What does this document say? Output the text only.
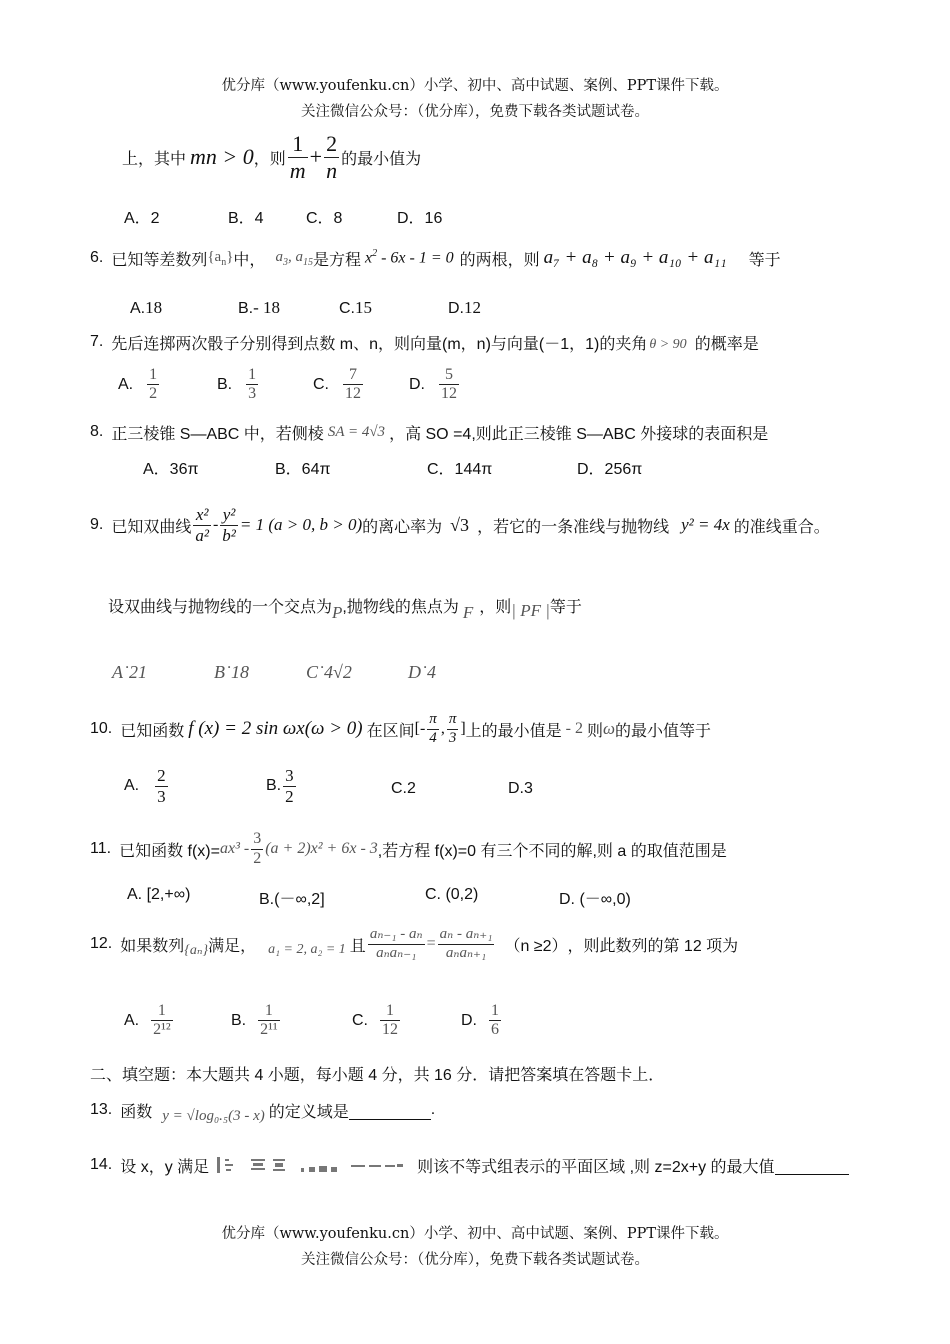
优分库（www.youfenku.cn）小学、初中、高中试题、案例、PPT课件下载。
关注微信公众号：（优分库），免费下载各类试题试卷。
上，其中 mn > 0 ，则 $\frac{1}{m} + \frac{2}{n}$ 的最小值为
A．2	B．4	C．8	D．16
6. 已知等差数列 $\{a_n\}$ 中， $a_3$, $a_{15}$ 是方程 $x^2 - 6x - 1 = 0$ 的两根，则 a₇ + a₈ + a₉ + a₁₀ + a₁₁ 等于
A.18	B.- 18	C.15	D.12
7. 先后连掷两次骰子分别得到点数 m、n，则向量(m，n)与向量(－1，1)的夹角 θ > 90 的概率是
A. $\frac{1}{2}$	B. $\frac{1}{3}$	C. $\frac{7}{12}$	D. $\frac{5}{12}$
8. 正三棱锥 S—ABC 中，若侧棱 SA = 4√3 ，高 SO =4,则此正三棱锥 S—ABC 外接球的表面积是
A．36π	B．64π	C．144π	D．256π
9. 已知双曲线 $\frac{\text{x²}}{\text{a²}} - \frac{\text{y²}}{\text{b²}} = 1$ (a > 0, b > 0) 的离心率为 √3 ，若它的一条准线与抛物线 y² = 4x 的准线重合。
设双曲线与抛物线的一个交点为 P ,抛物线的焦点为 F ，则 | PF | 等于
A˙21	B˙18	C˙4√2	D˙4
10. 已知函数 f (x) = 2 sin ωx(ω > 0) 在区间 [- $\frac{\pi}{4}$ , $\frac{\pi}{3}$ ] 上的最小值是 - 2 则 ω 的最小值等于
A. $\frac{2}{3}$	B. $\frac{3}{2}$	C.2	D.3
11. 已知函数 $f(x)= ax^3 - \frac{3}{2} (a + 2)x^2 + 6x - 3$ ,若方程 f(x)=0 有三个不同的解,则 a 的取值范围是
A. [2,+∞)	B.(－∞,2]	C. (0,2)	D. (－∞,0)
12. 如果数列 {aₙ} 满足， a₁ = 2, a₂ = 1 且 $\frac{\text{aₙ₋₁ - aₙ}}{\text{aₙaₙ₋₁}} = \frac{\text{aₙ - aₙ₊₁}}{\text{aₙaₙ₊₁}} (n \ge 2)$ ，则此数列的第 12 项为
A. $\frac{1}{\text{2¹²}}$	B. $\frac{1}{\text{2¹¹}}$	C. $\frac{1}{12}$	D. $\frac{1}{6}$
二、填空题：本大题共 4 小题，每小题 4 分，共 16 分．请把答案填在答题卡上．
13. 函数 y = √log₀.₅(3 - x) 的定义域是	.
14. 设 x，y 满足	则该不等式组表示的平面区域 ,则 z=2x+y 的最大值
优分库（www.youfenku.cn）小学、初中、高中试题、案例、PPT课件下载。
关注微信公众号：（优分库），免费下载各类试题试卷。
